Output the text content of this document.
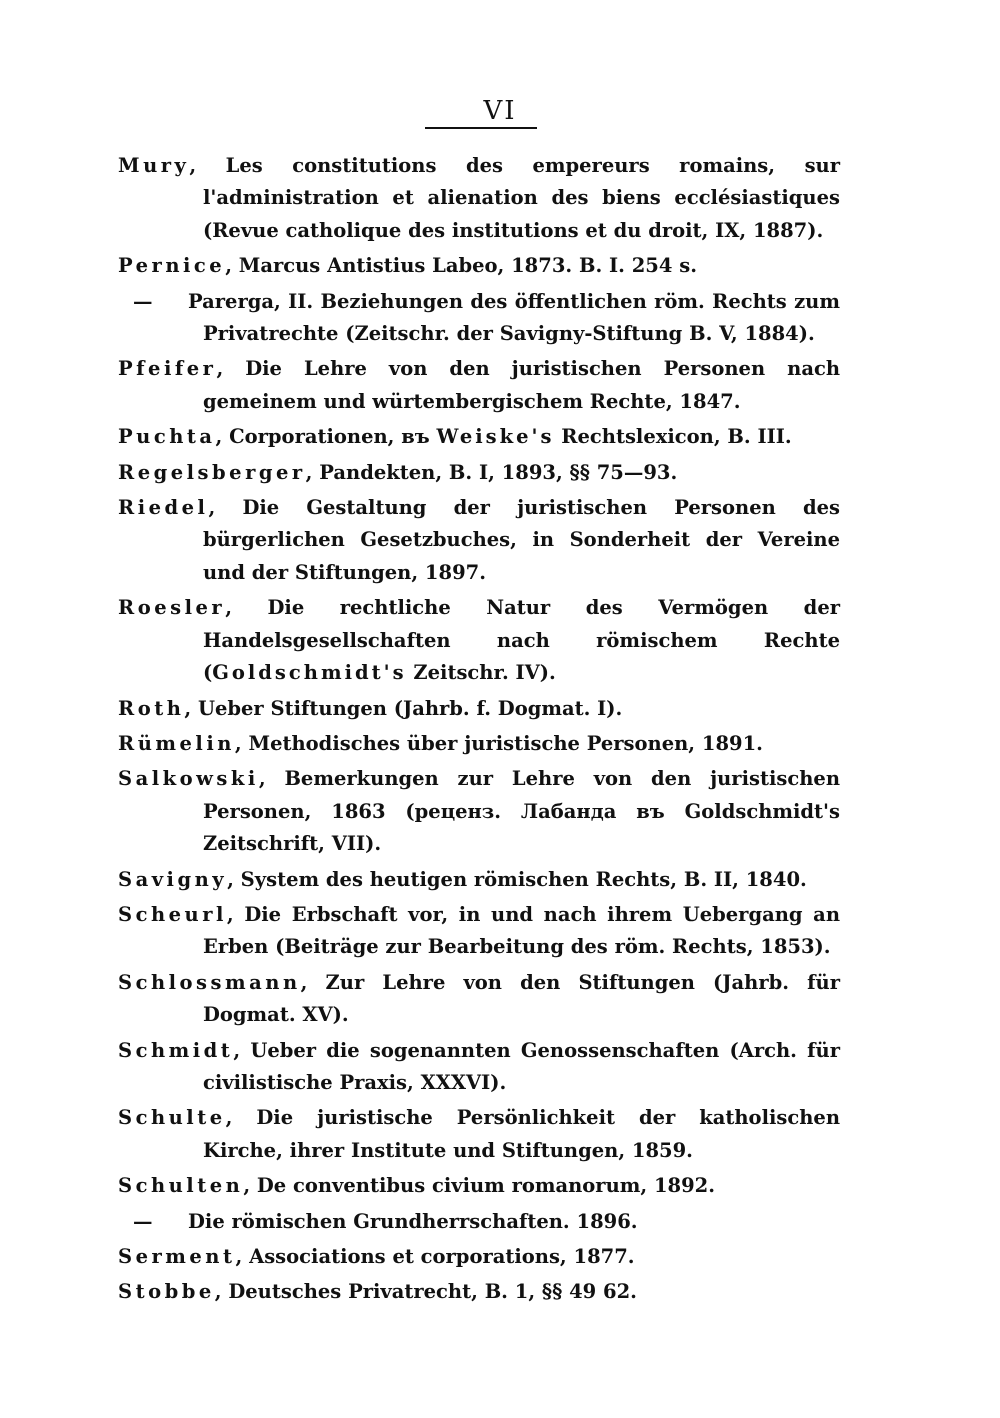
VI
Mury, Les constitutions des empereurs romains, sur l'administration et alienation des biens ecclésiastiques (Revue catholique des institutions et du droit, IX, 1887).
Pernice, Marcus Antistius Labeo, 1873. B. I. 254 s.
— Parerga, II. Beziehungen des öffentlichen röm. Rechts zum Privatrechte (Zeitschr. der Savigny-Stiftung B. V, 1884).
Pfeifer, Die Lehre von den juristischen Personen nach gemeinem und würtembergischem Rechte, 1847.
Puchta, Corporationen, въ Weiske's Rechtslexicon, B. III.
Regelsberger, Pandekten, B. I, 1893, §§ 75—93.
Riedel, Die Gestaltung der juristischen Personen des bürgerlichen Gesetzbuches, in Sonderheit der Vereine und der Stiftungen, 1897.
Roesler, Die rechtliche Natur des Vermögen der Handelsgesellschaften nach römischem Rechte (Goldschmidt's Zeitschr. IV).
Roth, Ueber Stiftungen (Jahrb. f. Dogmat. I).
Rümelin, Methodisches über juristische Personen, 1891.
Salkowski, Bemerkungen zur Lehre von den juristischen Personen, 1863 (реценз. Лабанда въ Goldschmidt's Zeitschrift, VII).
Savigny, System des heutigen römischen Rechts, B. II, 1840.
Scheurl, Die Erbschaft vor, in und nach ihrem Uebergang an Erben (Beiträge zur Bearbeitung des röm. Rechts, 1853).
Schlossmann, Zur Lehre von den Stiftungen (Jahrb. für Dogmat. XV).
Schmidt, Ueber die sogenannten Genossenschaften (Arch. für civilistische Praxis, XXXVI).
Schulte, Die juristische Persönlichkeit der katholischen Kirche, ihrer Institute und Stiftungen, 1859.
Schulten, De conventibus civium romanorum, 1892.
— Die römischen Grundherrschaften. 1896.
Serment, Associations et corporations, 1877.
Stobbe, Deutsches Privatrecht, B. 1, §§ 49 62.
